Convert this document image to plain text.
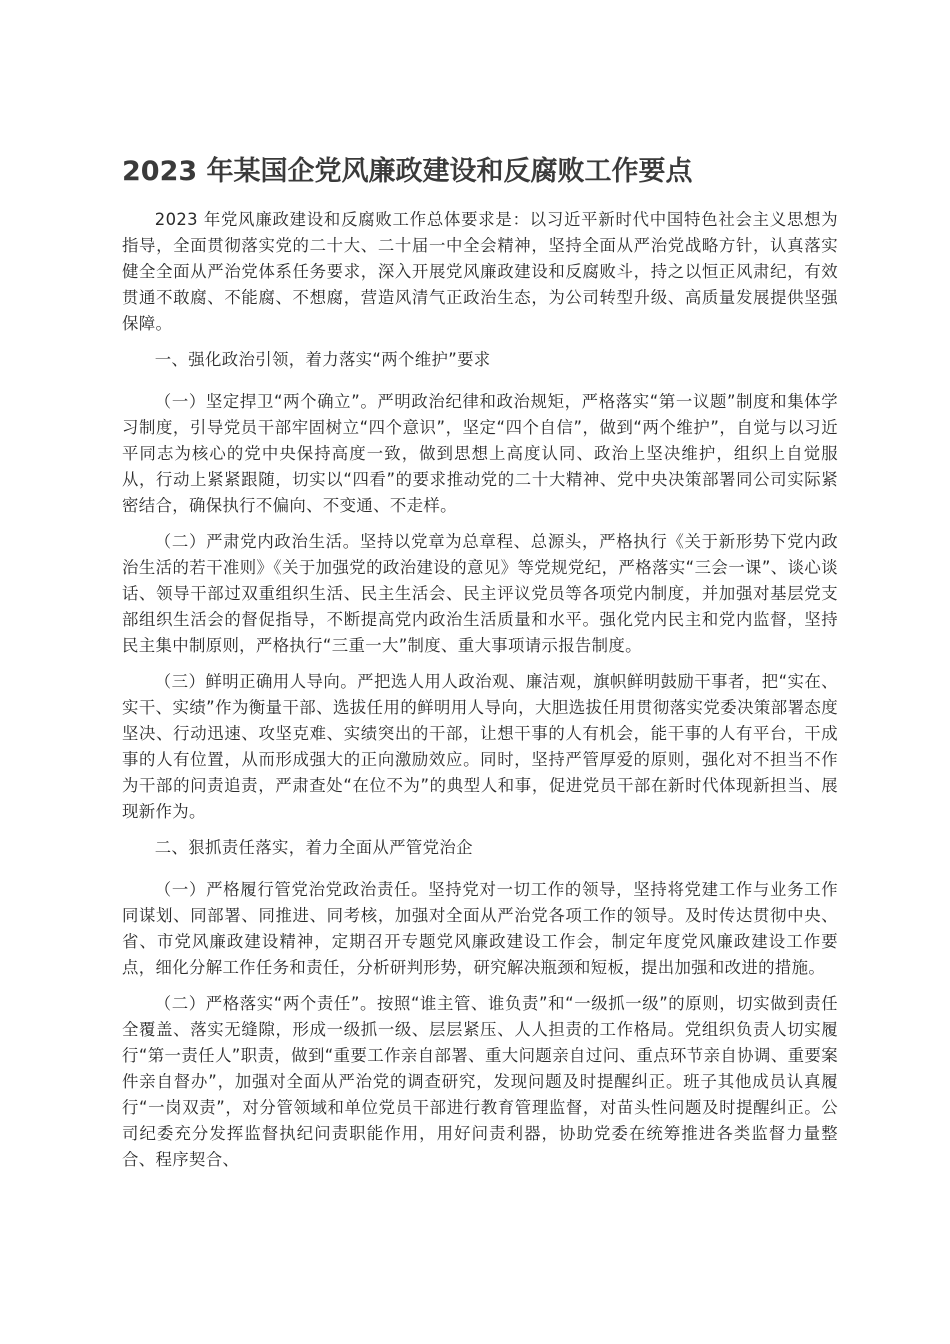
2023 年某国企党风廉政建设和反腐败工作要点

2023 年党风廉政建设和反腐败工作总体要求是：以习近平新时代中国特色社会主义思想为指导，全面贯彻落实党的二十大、二十届一中全会精神，坚持全面从严治党战略方针，认真落实健全全面从严治党体系任务要求，深入开展党风廉政建设和反腐败斗，持之以恒正风肃纪，有效贯通不敢腐、不能腐、不想腐，营造风清气正政治生态，为公司转型升级、高质量发展提供坚强保障。

一、强化政治引领，着力落实“两个维护”要求

（一）坚定捍卫“两个确立”。严明政治纪律和政治规矩，严格落实“第一议题”制度和集体学习制度，引导党员干部牢固树立“四个意识”，坚定“四个自信”，做到“两个维护”，自觉与以习近平同志为核心的党中央保持高度一致，做到思想上高度认同、政治上坚决维护，组织上自觉服从，行动上紧紧跟随，切实以“四看”的要求推动党的二十大精神、党中央决策部署同公司实际紧密结合，确保执行不偏向、不变通、不走样。

（二）严肃党内政治生活。坚持以党章为总章程、总源头，严格执行《关于新形势下党内政治生活的若干准则》《关于加强党的政治建设的意见》等党规党纪，严格落实“三会一课”、谈心谈话、领导干部过双重组织生活、民主生活会、民主评议党员等各项党内制度，并加强对基层党支部组织生活会的督促指导，不断提高党内政治生活质量和水平。强化党内民主和党内监督，坚持民主集中制原则，严格执行“三重一大”制度、重大事项请示报告制度。

（三）鲜明正确用人导向。严把选人用人政治观、廉洁观，旗帜鲜明鼓励干事者，把“实在、实干、实绩”作为衡量干部、选拔任用的鲜明用人导向，大胆选拔任用贯彻落实党委决策部署态度坚决、行动迅速、攻坚克难、实绩突出的干部，让想干事的人有机会，能干事的人有平台，干成事的人有位置，从而形成强大的正向激励效应。同时，坚持严管厚爱的原则，强化对不担当不作为干部的问责追责，严肃查处“在位不为”的典型人和事，促进党员干部在新时代体现新担当、展现新作为。

二、狠抓责任落实，着力全面从严管党治企

（一）严格履行管党治党政治责任。坚持党对一切工作的领导，坚持将党建工作与业务工作同谋划、同部署、同推进、同考核，加强对全面从严治党各项工作的领导。及时传达贯彻中央、省、市党风廉政建设精神，定期召开专题党风廉政建设工作会，制定年度党风廉政建设工作要点，细化分解工作任务和责任，分析研判形势，研究解决瓶颈和短板，提出加强和改进的措施。

（二）严格落实“两个责任”。按照“谁主管、谁负责”和“一级抓一级”的原则，切实做到责任全覆盖、落实无缝隙，形成一级抓一级、层层紧压、人人担责的工作格局。党组织负责人切实履行“第一责任人”职责，做到“重要工作亲自部署、重大问题亲自过问、重点环节亲自协调、重要案件亲自督办”，加强对全面从严治党的调查研究，发现问题及时提醒纠正。班子其他成员认真履行“一岗双责”，对分管领域和单位党员干部进行教育管理监督，对苗头性问题及时提醒纠正。公司纪委充分发挥监督执纪问责职能作用，用好问责利器，协助党委在统筹推进各类监督力量整合、程序契合、
